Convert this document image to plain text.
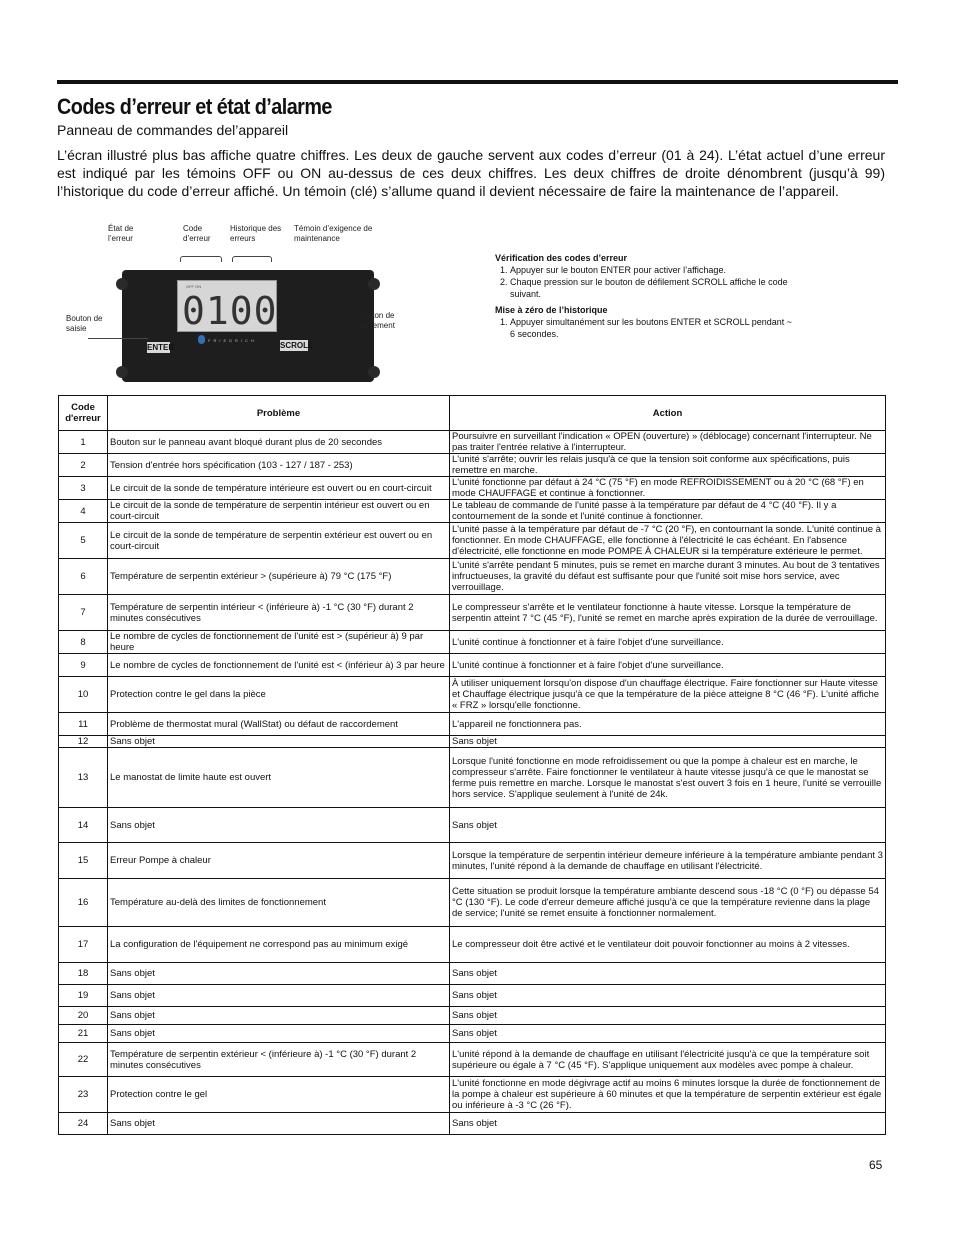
Codes d’erreur et état d’alarme
Panneau de commandes del’appareil
L’écran illustré plus bas affiche quatre chiffres. Les deux de gauche servent aux codes d’erreur (01 à 24). L’état actuel d’une erreur est indiqué par les témoins OFF ou ON au-dessus de ces deux chiffres. Les deux chiffres de droite dénombrent (jusqu’à 99) l’historique du code d’erreur affiché. Un témoin (clé) s’allume quand il devient nécessaire de faire la maintenance de l’appareil.
État de l’erreur
Code d’erreur
Historique des erreurs
Témoin d’exigence de maintenance
OFF ON
0100
FRIEDRICH
ENTER	SCROLL
Bouton de saisie
Bouton de défilement
Vérification des codes d’erreur
1. Appuyer sur le bouton ENTER pour activer l’affichage.
2. Chaque pression sur le bouton de défilement SCROLL affiche le code suivant.
Mise à zéro de l’historique
1. Appuyer simultanément sur les boutons ENTER et SCROLL pendant ~ 6 secondes.
Code d'erreur	Problème	Action
1	Bouton sur le panneau avant bloqué durant plus de 20 secondes	Poursuivre en surveillant l'indication « OPEN (ouverture) » (déblocage) concernant l'interrupteur. Ne pas traiter l'entrée relative à l'interrupteur.
2	Tension d'entrée hors spécification (103 - 127 / 187 - 253)	L'unité s'arrête; ouvrir les relais jusqu'à ce que la tension soit conforme aux spécifications, puis remettre en marche.
3	Le circuit de la sonde de température intérieure est ouvert ou en court-circuit	L'unité fonctionne par défaut à 24 °C (75 °F) en mode REFROIDISSEMENT ou à 20 °C (68 °F) en mode CHAUFFAGE et continue à fonctionner.
4	Le circuit de la sonde de température de serpentin intérieur est ouvert ou en court-circuit	Le tableau de commande de l'unité passe à la température par défaut de 4 °C (40 °F). Il y a contournement de la sonde et l'unité continue à fonctionner.
5	Le circuit de la sonde de température de serpentin extérieur est ouvert ou en court-circuit	L'unité passe à la température par défaut de -7 °C (20 °F), en contournant la sonde. L'unité continue à fonctionner. En mode CHAUFFAGE, elle fonctionne à l'électricité le cas échéant. En l'absence d'électricité, elle fonctionne en mode POMPE À CHALEUR si la température extérieure le permet.
6	Température de serpentin extérieur > (supérieure à) 79 °C (175 °F)	L'unité s'arrête pendant 5 minutes, puis se remet en marche durant 3 minutes. Au bout de 3 tentatives infructueuses, la gravité du défaut est suffisante pour que l'unité soit mise hors service, avec verrouillage.
7	Température de serpentin intérieur < (inférieure à) -1 °C (30 °F) durant 2 minutes consécutives	Le compresseur s'arrête et le ventilateur fonctionne à haute vitesse. Lorsque la température de serpentin atteint 7 °C (45 °F), l'unité se remet en marche après expiration de la durée de verrouillage.
8	Le nombre de cycles de fonctionnement de l'unité est > (supérieur à) 9 par heure	L'unité continue à fonctionner et à faire l'objet d'une surveillance.
9	Le nombre de cycles de fonctionnement de l'unité est < (inférieur à) 3 par heure	L'unité continue à fonctionner et à faire l'objet d'une surveillance.
10	Protection contre le gel dans la pièce	À utiliser uniquement lorsqu'on dispose d'un chauffage électrique. Faire fonctionner sur Haute vitesse et Chauffage électrique jusqu'à ce que la température de la pièce atteigne 8 °C (46 °F). L'unité affiche « FRZ » lorsqu'elle fonctionne.
11	Problème de thermostat mural (WallStat) ou défaut de raccordement	L'appareil ne fonctionnera pas.
12	Sans objet	Sans objet
13	Le manostat de limite haute est ouvert	Lorsque l'unité fonctionne en mode refroidissement ou que la pompe à chaleur est en marche, le compresseur s'arrête. Faire fonctionner le ventilateur à haute vitesse jusqu'à ce que le manostat se ferme puis remettre en marche. Lorsque le manostat s'est ouvert 3 fois en 1 heure, l'unité se verrouille hors service. S'applique seulement à l'unité de 24k.
14	Sans objet	Sans objet
15	Erreur Pompe à chaleur	Lorsque la température de serpentin intérieur demeure inférieure à la température ambiante pendant 3 minutes, l'unité répond à la demande de chauffage en utilisant l'électricité.
16	Température au-delà des limites de fonctionnement	Cette situation se produit lorsque la température ambiante descend sous -18 °C (0 °F) ou dépasse 54 °C (130 °F). Le code d'erreur demeure affiché jusqu'à ce que la température revienne dans la plage de service; l'unité se remet ensuite à fonctionner normalement.
17	La configuration de l'équipement ne correspond pas au minimum exigé	Le compresseur doit être activé et le ventilateur doit pouvoir fonctionner au moins à 2 vitesses.
18	Sans objet	Sans objet
19	Sans objet	Sans objet
20	Sans objet	Sans objet
21	Sans objet	Sans objet
22	Température de serpentin extérieur < (inférieure à) -1 °C (30 °F) durant 2 minutes consécutives	L'unité répond à la demande de chauffage en utilisant l'électricité jusqu'à ce que la température soit supérieure ou égale à 7 °C (45 °F). S'applique uniquement aux modèles avec pompe à chaleur.
23	Protection contre le gel	L'unité fonctionne en mode dégivrage actif au moins 6 minutes lorsque la durée de fonctionnement de la pompe à chaleur est supérieure à 60 minutes et que la température de serpentin extérieur est égale ou inférieure à -3 °C (26 °F).
24	Sans objet	Sans objet
65
